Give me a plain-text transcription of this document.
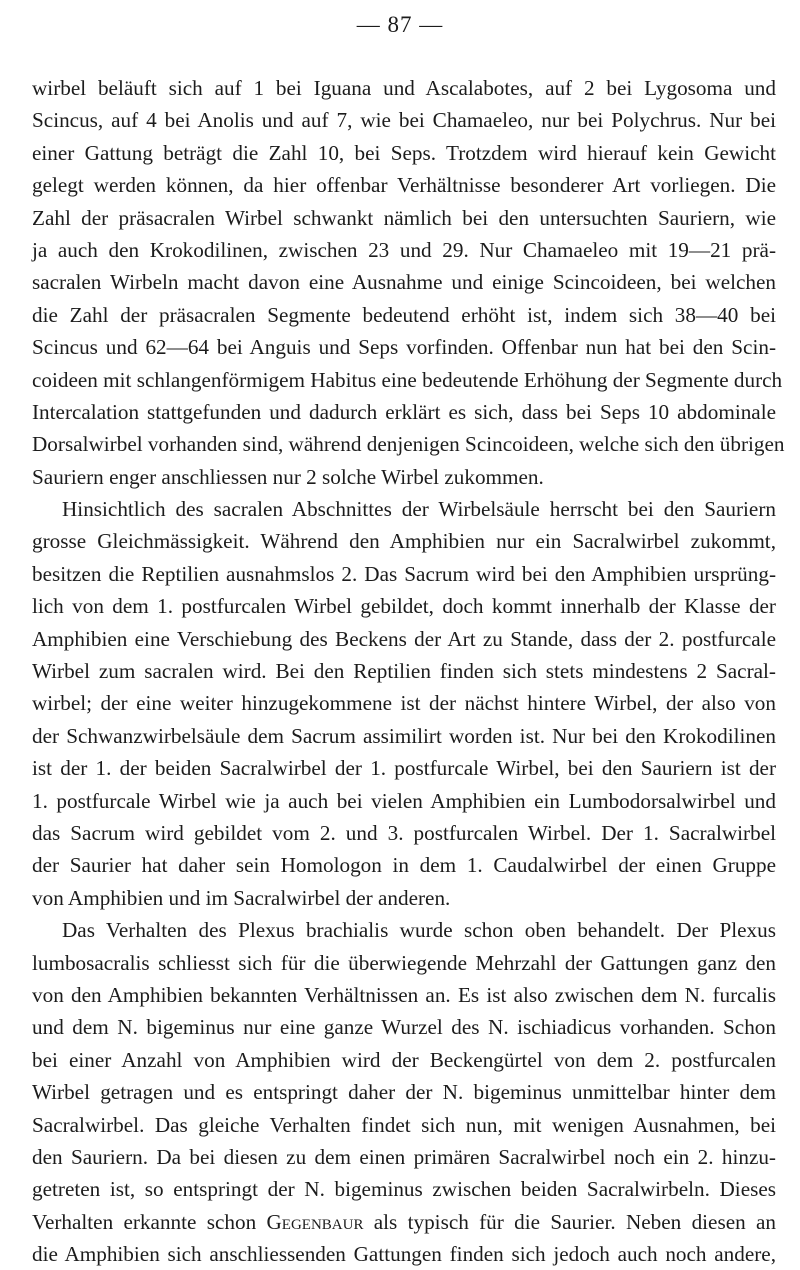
— 87 —
wirbel beläuft sich auf 1 bei Iguana und Ascalabotes, auf 2 bei Lygosoma und
Scincus, auf 4 bei Anolis und auf 7, wie bei Chamaeleo, nur bei Polychrus. Nur bei
einer Gattung beträgt die Zahl 10, bei Seps. Trotzdem wird hierauf kein Gewicht
gelegt werden können, da hier offenbar Verhältnisse besonderer Art vorliegen. Die
Zahl der präsacralen Wirbel schwankt nämlich bei den untersuchten Sauriern, wie
ja auch den Krokodilinen, zwischen 23 und 29. Nur Chamaeleo mit 19—21 prä-
sacralen Wirbeln macht davon eine Ausnahme und einige Scincoideen, bei welchen
die Zahl der präsacralen Segmente bedeutend erhöht ist, indem sich 38—40 bei
Scincus und 62—64 bei Anguis und Seps vorfinden. Offenbar nun hat bei den Scin-
coideen mit schlangenförmigem Habitus eine bedeutende Erhöhung der Segmente durch
Intercalation stattgefunden und dadurch erklärt es sich, dass bei Seps 10 abdominale
Dorsalwirbel vorhanden sind, während denjenigen Scincoideen, welche sich den übrigen
Sauriern enger anschliessen nur 2 solche Wirbel zukommen.
Hinsichtlich des sacralen Abschnittes der Wirbelsäule herrscht bei den Sauriern
grosse Gleichmässigkeit. Während den Amphibien nur ein Sacralwirbel zukommt,
besitzen die Reptilien ausnahmslos 2. Das Sacrum wird bei den Amphibien ursprüng-
lich von dem 1. postfurcalen Wirbel gebildet, doch kommt innerhalb der Klasse der
Amphibien eine Verschiebung des Beckens der Art zu Stande, dass der 2. postfurcale
Wirbel zum sacralen wird. Bei den Reptilien finden sich stets mindestens 2 Sacral-
wirbel; der eine weiter hinzugekommene ist der nächst hintere Wirbel, der also von
der Schwanzwirbelsäule dem Sacrum assimilirt worden ist. Nur bei den Krokodilinen
ist der 1. der beiden Sacralwirbel der 1. postfurcale Wirbel, bei den Sauriern ist der
1. postfurcale Wirbel wie ja auch bei vielen Amphibien ein Lumbodorsalwirbel und
das Sacrum wird gebildet vom 2. und 3. postfurcalen Wirbel. Der 1. Sacralwirbel
der Saurier hat daher sein Homologon in dem 1. Caudalwirbel der einen Gruppe
von Amphibien und im Sacralwirbel der anderen.
Das Verhalten des Plexus brachialis wurde schon oben behandelt. Der Plexus
lumbosacralis schliesst sich für die überwiegende Mehrzahl der Gattungen ganz den
von den Amphibien bekannten Verhältnissen an. Es ist also zwischen dem N. furcalis
und dem N. bigeminus nur eine ganze Wurzel des N. ischiadicus vorhanden. Schon
bei einer Anzahl von Amphibien wird der Beckengürtel von dem 2. postfurcalen
Wirbel getragen und es entspringt daher der N. bigeminus unmittelbar hinter dem
Sacralwirbel. Das gleiche Verhalten findet sich nun, mit wenigen Ausnahmen, bei
den Sauriern. Da bei diesen zu dem einen primären Sacralwirbel noch ein 2. hinzu-
getreten ist, so entspringt der N. bigeminus zwischen beiden Sacralwirbeln. Dieses
Verhalten erkannte schon Gegenbaur als typisch für die Saurier. Neben diesen an
die Amphibien sich anschliessenden Gattungen finden sich jedoch auch noch andere,
